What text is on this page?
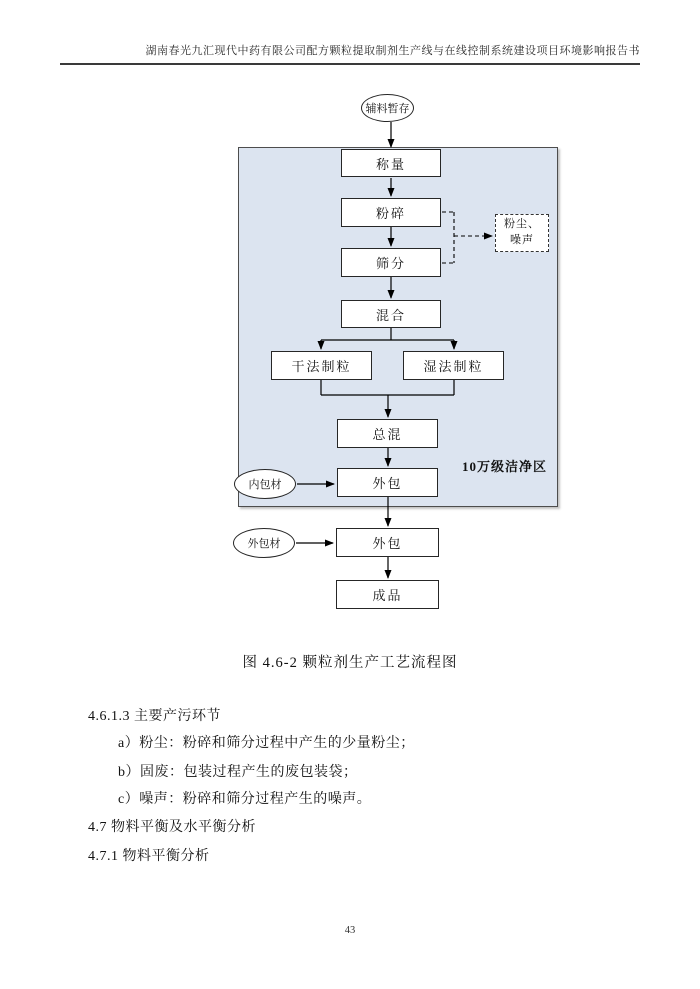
湖南春光九汇现代中药有限公司配方颗粒提取制剂生产线与在线控制系统建设项目环境影响报告书
10万级洁净区
辅料暂存
称量
粉碎
筛分
混合
干法制粒	湿法制粒
总混
外包
外包
成品
内包材
外包材
粉尘、噪声
图 4.6-2 颗粒剂生产工艺流程图

4.6.1.3 主要产污环节

a）粉尘：粉碎和筛分过程中产生的少量粉尘；

b）固废：包装过程产生的废包装袋；

c）噪声：粉碎和筛分过程产生的噪声。

4.7 物料平衡及水平衡分析

4.7.1 物料平衡分析

43
